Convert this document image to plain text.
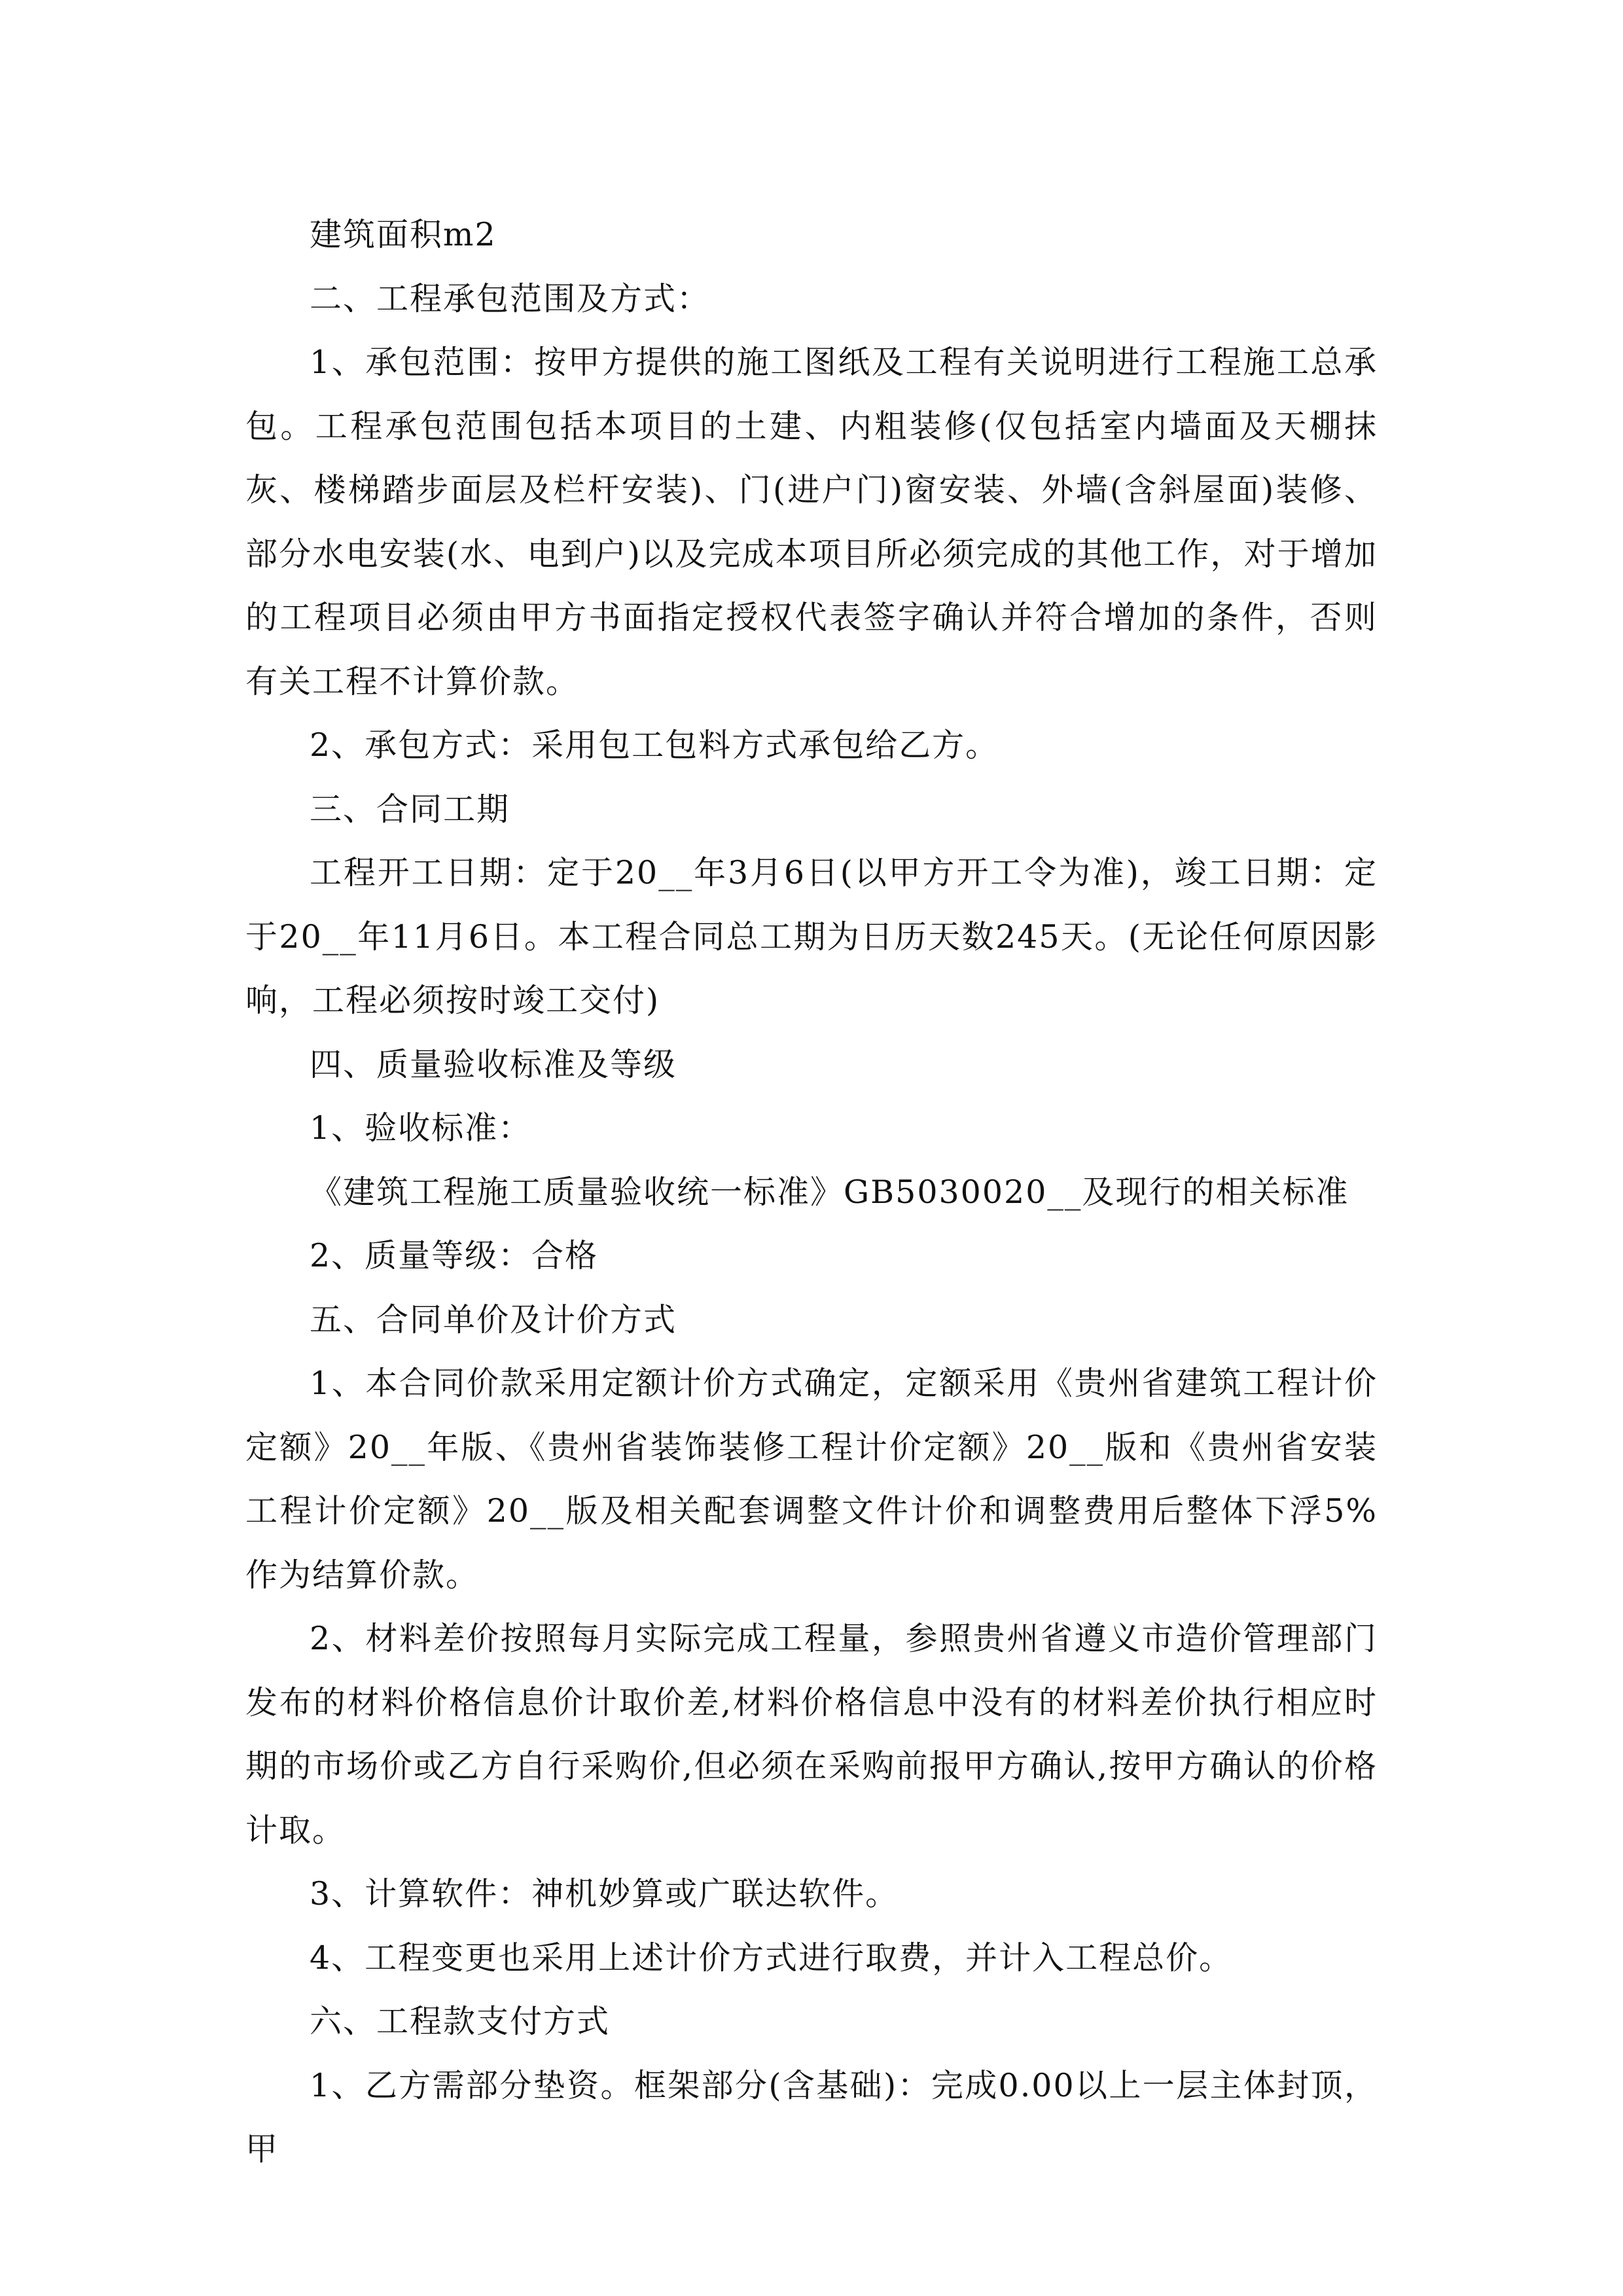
建筑面积m2

二、工程承包范围及方式：

1、承包范围：按甲方提供的施工图纸及工程有关说明进行工程施工总承包。工程承包范围包括本项目的土建、内粗装修(仅包括室内墙面及天棚抹灰、楼梯踏步面层及栏杆安装)、门(进户门)窗安装、外墙(含斜屋面)装修、部分水电安装(水、电到户)以及完成本项目所必须完成的其他工作，对于增加的工程项目必须由甲方书面指定授权代表签字确认并符合增加的条件，否则有关工程不计算价款。

2、承包方式：采用包工包料方式承包给乙方。

三、合同工期

工程开工日期：定于20__年3月6日(以甲方开工令为准)，竣工日期：定于20__年11月6日。本工程合同总工期为日历天数245天。(无论任何原因影响，工程必须按时竣工交付)

四、质量验收标准及等级

1、验收标准：

《建筑工程施工质量验收统一标准》GB5030020__及现行的相关标准

2、质量等级：合格

五、合同单价及计价方式

1、本合同价款采用定额计价方式确定，定额采用《贵州省建筑工程计价定额》20__年版、《贵州省装饰装修工程计价定额》20__版和《贵州省安装工程计价定额》20__版及相关配套调整文件计价和调整费用后整体下浮5%作为结算价款。

2、材料差价按照每月实际完成工程量，参照贵州省遵义市造价管理部门发布的材料价格信息价计取价差,材料价格信息中没有的材料差价执行相应时期的市场价或乙方自行采购价,但必须在采购前报甲方确认,按甲方确认的价格计取。

3、计算软件：神机妙算或广联达软件。

4、工程变更也采用上述计价方式进行取费，并计入工程总价。

六、工程款支付方式

1、乙方需部分垫资。框架部分(含基础)：完成0.00以上一层主体封顶，甲
